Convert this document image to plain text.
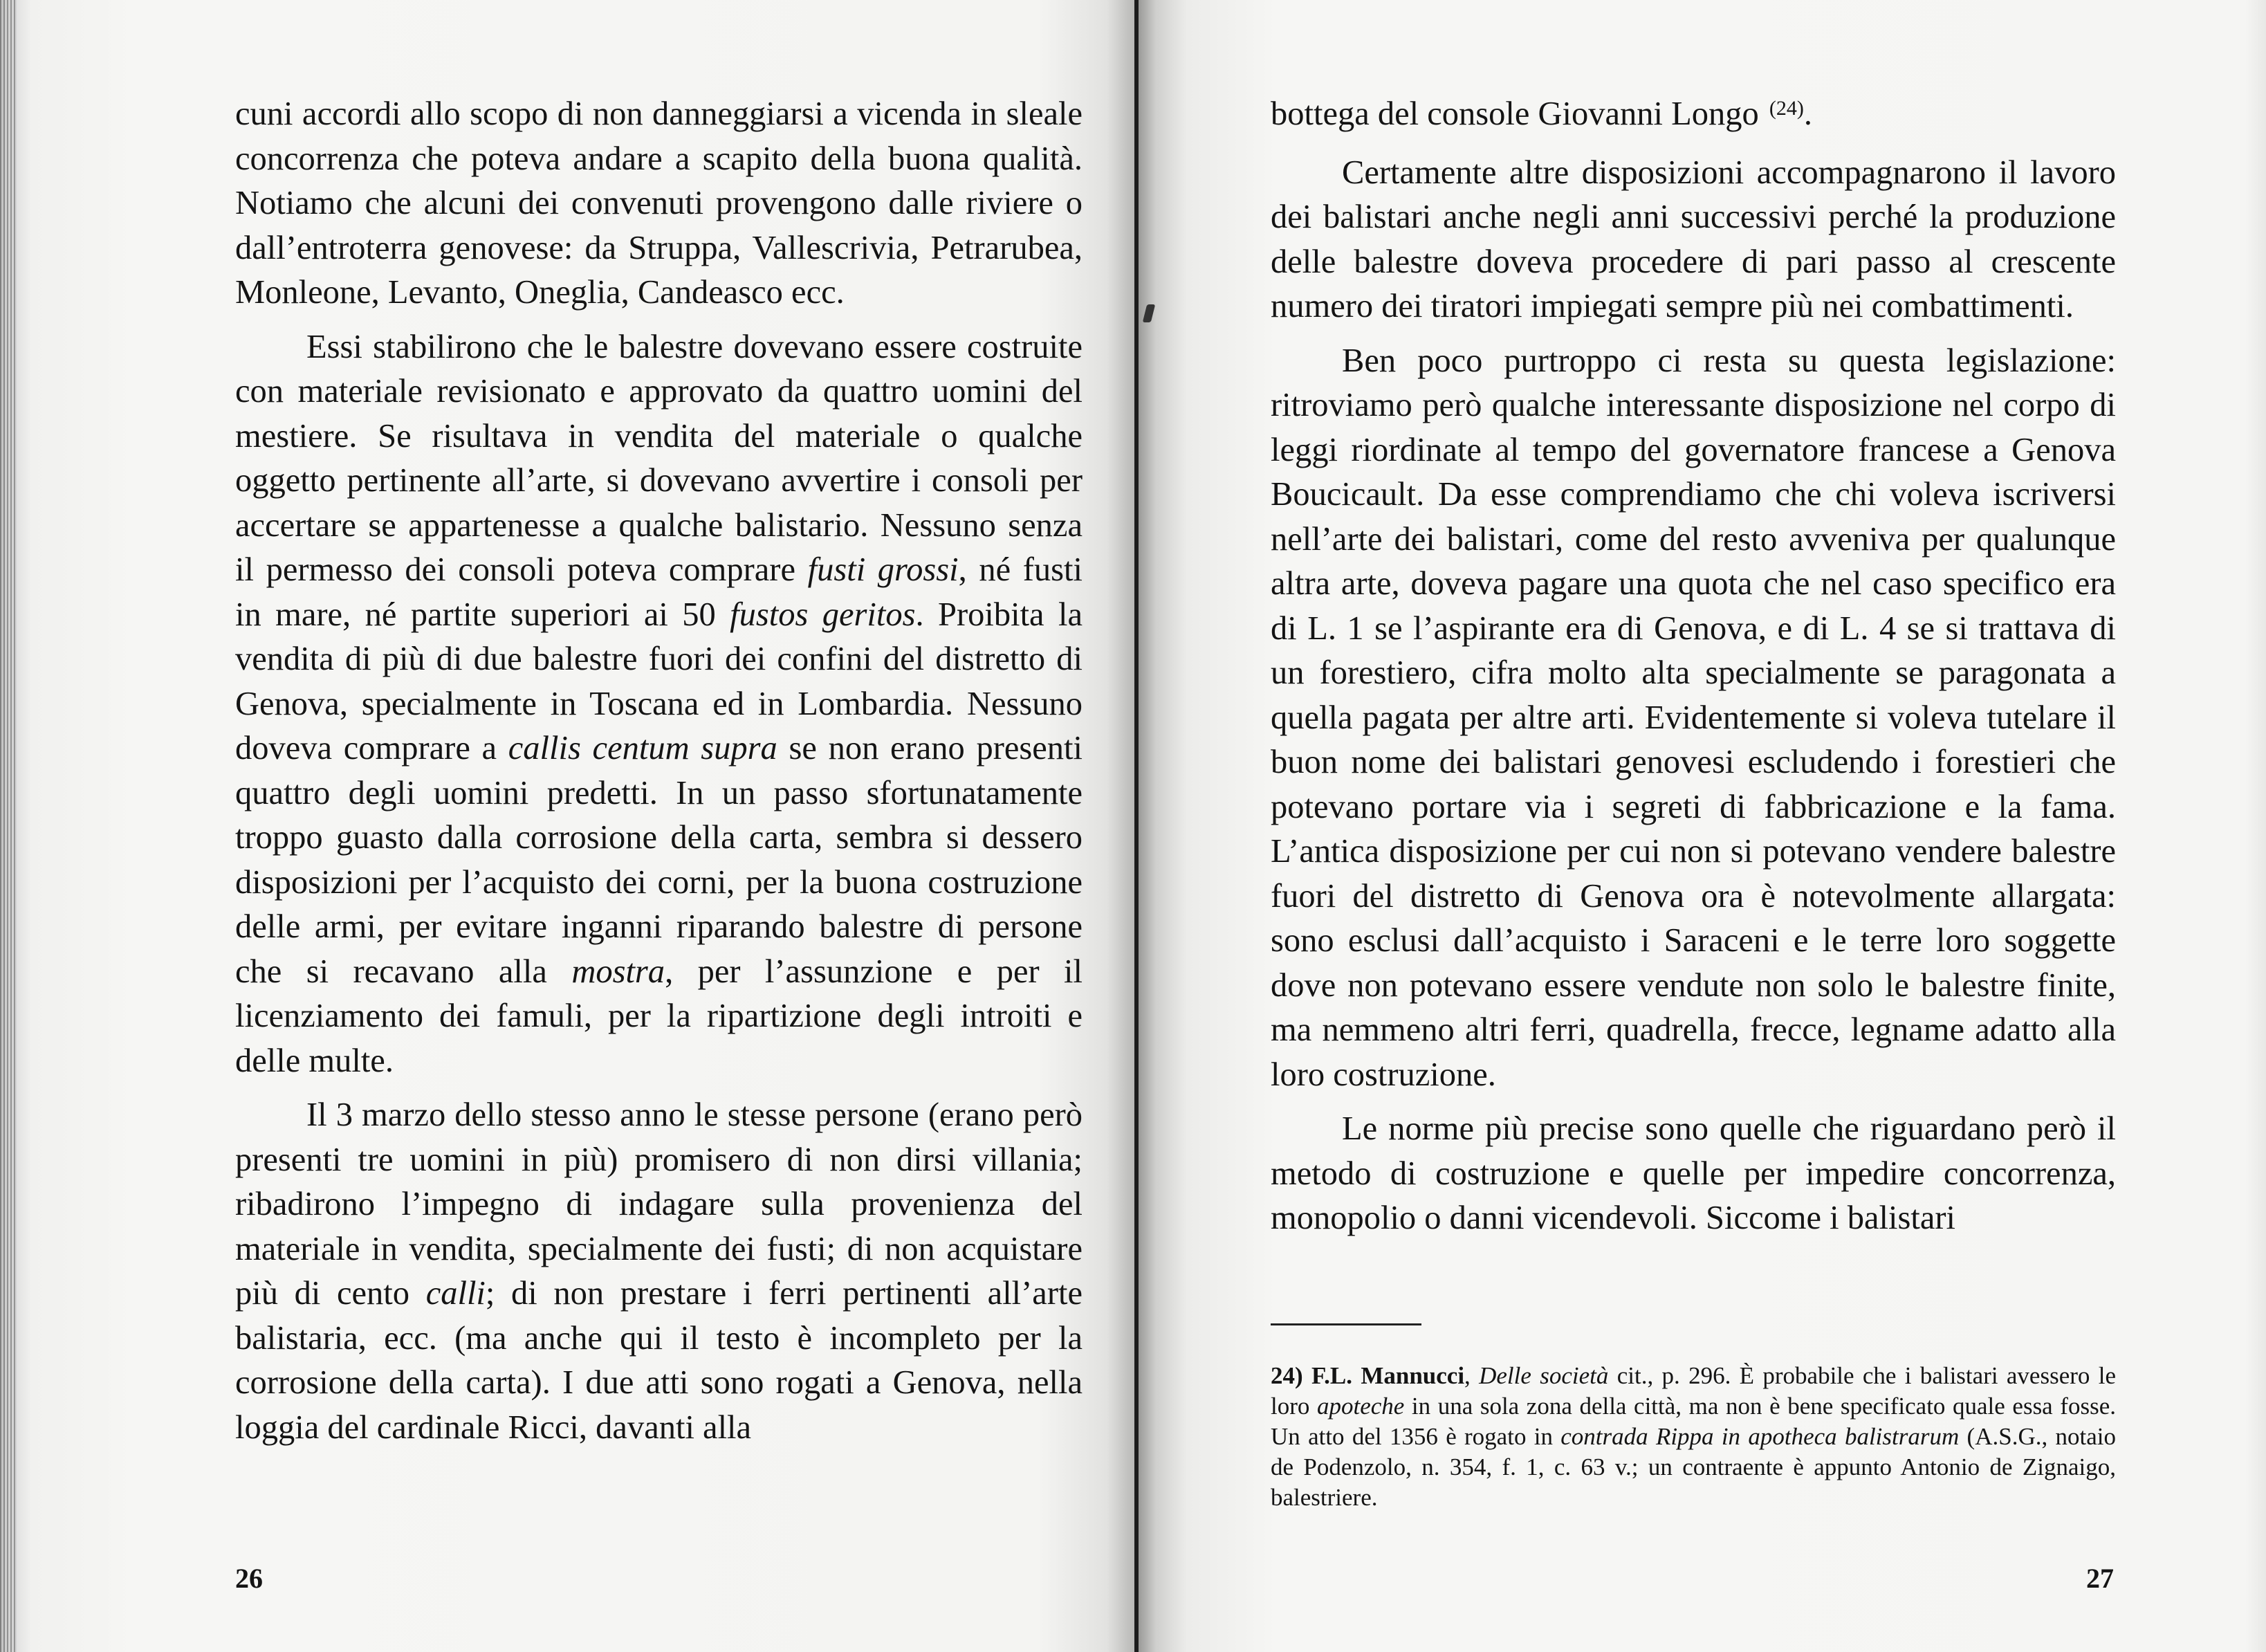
cuni accordi allo scopo di non danneggiarsi a vicenda in sleale concorrenza che poteva andare a scapito della buona qualità. Notiamo che alcuni dei convenuti provengono dalle riviere o dall’entroterra genovese: da Struppa, Vallescrivia, Petrarubea, Monleone, Levanto, Oneglia, Candeasco ecc.

Essi stabilirono che le balestre dovevano essere costruite con materiale revisionato e approvato da quattro uomini del mestiere. Se risultava in vendita del materiale o qualche oggetto pertinente all’arte, si dovevano avvertire i consoli per accertare se appartenesse a qualche balistario. Nessuno senza il permesso dei consoli poteva comprare fusti grossi, né fusti in mare, né partite superiori ai 50 fustos geritos. Proibita la vendita di più di due balestre fuori dei confini del distretto di Genova, specialmente in Toscana ed in Lombardia. Nessuno doveva comprare a callis centum supra se non erano presenti quattro degli uomini predetti. In un passo sfortunatamente troppo guasto dalla corrosione della carta, sembra si dessero disposizioni per l’acquisto dei corni, per la buona costruzione delle armi, per evitare inganni riparando balestre di persone che si recavano alla mostra, per l’assunzione e per il licenziamento dei famuli, per la ripartizione degli introiti e delle multe.

Il 3 marzo dello stesso anno le stesse persone (erano però presenti tre uomini in più) promisero di non dirsi villania; ribadirono l’impegno di indagare sulla provenienza del materiale in vendita, specialmente dei fusti; di non acquistare più di cento calli; di non prestare i ferri pertinenti all’arte balistaria, ecc. (ma anche qui il testo è incompleto per la corrosione della carta). I due atti sono rogati a Genova, nella loggia del cardinale Ricci, davanti alla

26

bottega del console Giovanni Longo $^{(24)}$.

Certamente altre disposizioni accompagnarono il lavoro dei balistari anche negli anni successivi perché la produzione delle balestre doveva procedere di pari passo al crescente numero dei tiratori impiegati sempre più nei combattimenti.

Ben poco purtroppo ci resta su questa legislazione: ritroviamo però qualche interessante disposizione nel corpo di leggi riordinate al tempo del governatore francese a Genova Boucicault. Da esse comprendiamo che chi voleva iscriversi nell’arte dei balistari, come del resto avveniva per qualunque altra arte, doveva pagare una quota che nel caso specifico era di L. 1 se l’aspirante era di Genova, e di L. 4 se si trattava di un forestiero, cifra molto alta specialmente se paragonata a quella pagata per altre arti. Evidentemente si voleva tutelare il buon nome dei balistari genovesi escludendo i forestieri che potevano portare via i segreti di fabbricazione e la fama. L’antica disposizione per cui non si potevano vendere balestre fuori del distretto di Genova ora è notevolmente allargata: sono esclusi dall’acquisto i Saraceni e le terre loro soggette dove non potevano essere vendute non solo le balestre finite, ma nemmeno altri ferri, quadrella, frecce, legname adatto alla loro costruzione.

Le norme più precise sono quelle che riguardano però il metodo di costruzione e quelle per impedire concorrenza, monopolio o danni vicendevoli. Siccome i balistari

24) F.L. Mannucci, Delle società cit., p. 296. È probabile che i balistari avessero le loro apoteche in una sola zona della città, ma non è bene specificato quale essa fosse. Un atto del 1356 è rogato in contrada Rippa in apotheca balistrarum (A.S.G., notaio de Podenzolo, n. 354, f. 1, c. 63 v.; un contraente è appunto Antonio de Zignaigo, balestriere.

27
